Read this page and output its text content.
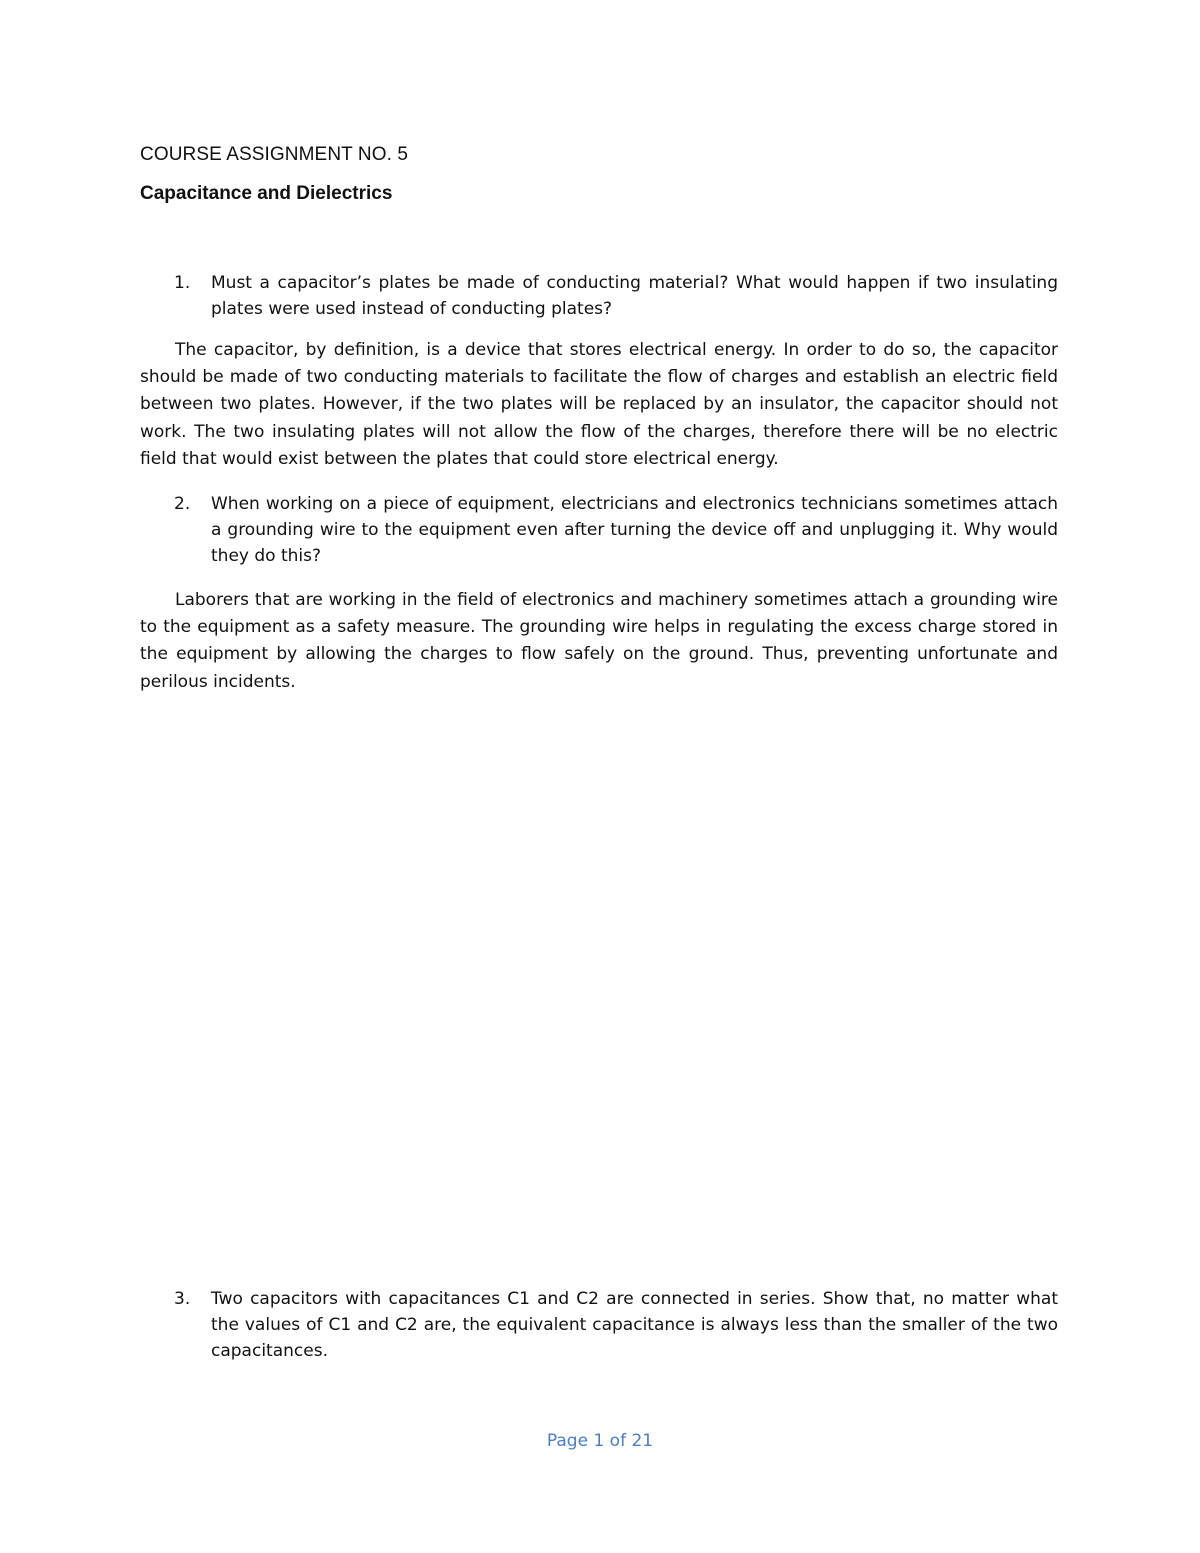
COURSE ASSIGNMENT NO. 5
Capacitance and Dielectrics
1. Must a capacitor’s plates be made of conducting material? What would happen if two insulating plates were used instead of conducting plates?

The capacitor, by definition, is a device that stores electrical energy. In order to do so, the capacitor should be made of two conducting materials to facilitate the flow of charges and establish an electric field between two plates. However, if the two plates will be replaced by an insulator, the capacitor should not work. The two insulating plates will not allow the flow of the charges, therefore there will be no electric field that would exist between the plates that could store electrical energy.

2. When working on a piece of equipment, electricians and electronics technicians sometimes attach a grounding wire to the equipment even after turning the device off and unplugging it. Why would they do this?

Laborers that are working in the field of electronics and machinery sometimes attach a grounding wire to the equipment as a safety measure. The grounding wire helps in regulating the excess charge stored in the equipment by allowing the charges to flow safely on the ground. Thus, preventing unfortunate and perilous incidents.

3. Two capacitors with capacitances C1 and C2 are connected in series. Show that, no matter what the values of C1 and C2 are, the equivalent capacitance is always less than the smaller of the two capacitances.
Page 1 of 21
